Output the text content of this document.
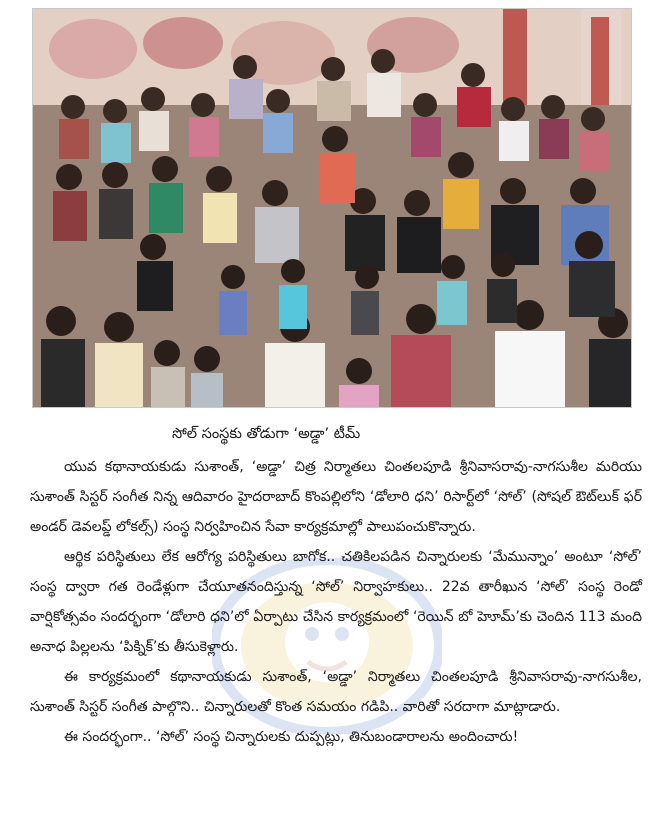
సోల్ సంస్థకు తోడుగా ‘అడ్డా’ టీమ్

యువ కథానాయకుడు సుశాంత్, ‘అడ్డా’ చిత్ర నిర్మాతలు చింతలపూడి శ్రీనివాసరావు-నాగసుశీల మరియు సుశాంత్ సిస్టర్ సంగీత నిన్న ఆదివారం హైదరాబాద్ కొంపల్లిలోని ‘డోలారి ధని’ రిసార్ట్‌లో ‘సోల్’ (సోషల్ ఔట్‌లుక్ ఫర్ అండర్ డెవలప్డ్ లోకల్స్) సంస్థ నిర్వహించిన సేవా కార్యక్రమాల్లో పాలుపంచుకొన్నారు.

ఆర్థిక పరిస్థితులు లేక ఆరోగ్య పరిస్థితులు బాగోక.. చతికిలపడిన చిన్నారులకు ‘మేమున్నాం’ అంటూ ‘సోల్’ సంస్థ ద్వారా గత రెండేళ్లుగా చేయూతనందిస్తున్న ‘సోల్’ నిర్వాహకులు.. 22వ తారీఖున ‘సోల్’ సంస్థ రెండో వార్షికోత్సవం సందర్భంగా ‘డోలారి ధని’లో ఏర్పాటు చేసిన కార్యక్రమంలో ‘రెయిన్ బో హెూమ్’కు చెందిన 113 మంది అనాధ పిల్లలను ‘పిక్నిక్’కు తీసుకెళ్లారు.

ఈ కార్యక్రమంలో కథానాయకుడు సుశాంత్, ‘అడ్డా’ నిర్మాతలు చింతలపూడి శ్రీనివాసరావు-నాగసుశీల, సుశాంత్ సిస్టర్ సంగీత పాల్గొని.. చిన్నారులతో కొంత సమయం గడిపి.. వారితో సరదాగా మాట్లాడారు.

ఈ సందర్భంగా.. ‘సోల్’ సంస్థ చిన్నారులకు దుప్పట్లు, తినుబండారాలను అందించారు!
